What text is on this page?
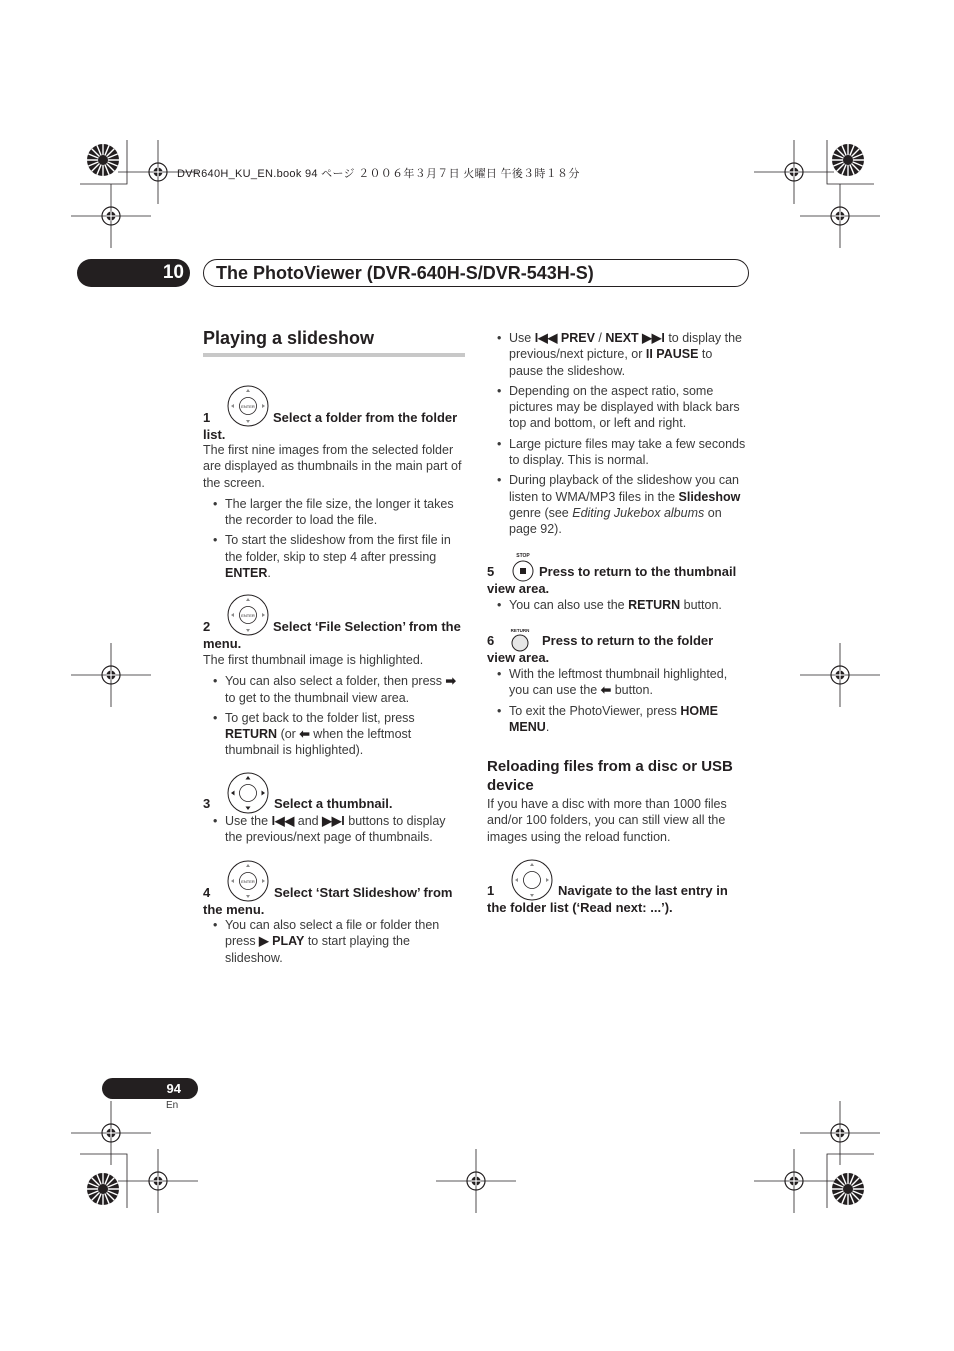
DVR640H_KU_EN.book 94 ページ ２００６年３月７日 火曜日 午後３時１８分
10	The PhotoViewer (DVR-640H-S/DVR-543H-S)
Playing a slideshow
ENTER
1	Select a folder from the folder

list.
The first nine images from the selected folder are displayed as thumbnails in the main part of the screen.
• The larger the file size, the longer it takes the recorder to load the file.
• To start the slideshow from the first file in the folder, skip to step 4 after pressing ENTER.
ENTER
2	Select ‘File Selection’ from the

menu.
The first thumbnail image is highlighted.
• You can also select a folder, then press ➡ to get to the thumbnail view area.
• To get back to the folder list, press RETURN (or ⬅ when the leftmost thumbnail is highlighted).
3	Select a thumbnail.
• Use the I◀◀ and ▶▶I buttons to display the previous/next page of thumbnails.
ENTER
4	Select ‘Start Slideshow’ from

the menu.
• You can also select a file or folder then press ▶ PLAY to start playing the slideshow.
• Use I◀◀ PREV / NEXT ▶▶I to display the previous/next picture, or II PAUSE to pause the slideshow.
• Depending on the aspect ratio, some pictures may be displayed with black bars top and bottom, or left and right.
• Large picture files may take a few seconds to display. This is normal.
• During playback of the slideshow you can listen to WMA/MP3 files in the Slideshow genre (see Editing Jukebox albums on page 92).
STOP
5	Press to return to the thumbnail

view area.
• You can also use the RETURN button.
RETURN
6	Press to return to the folder

view area.
• With the leftmost thumbnail highlighted, you can use the ⬅ button.
• To exit the PhotoViewer, press HOME MENU.
Reloading files from a disc or USB device
If you have a disc with more than 1000 files and/or 100 folders, you can still view all the images using the reload function.
1	Navigate to the last entry in

the folder list (‘Read next: ...’).
94
En
